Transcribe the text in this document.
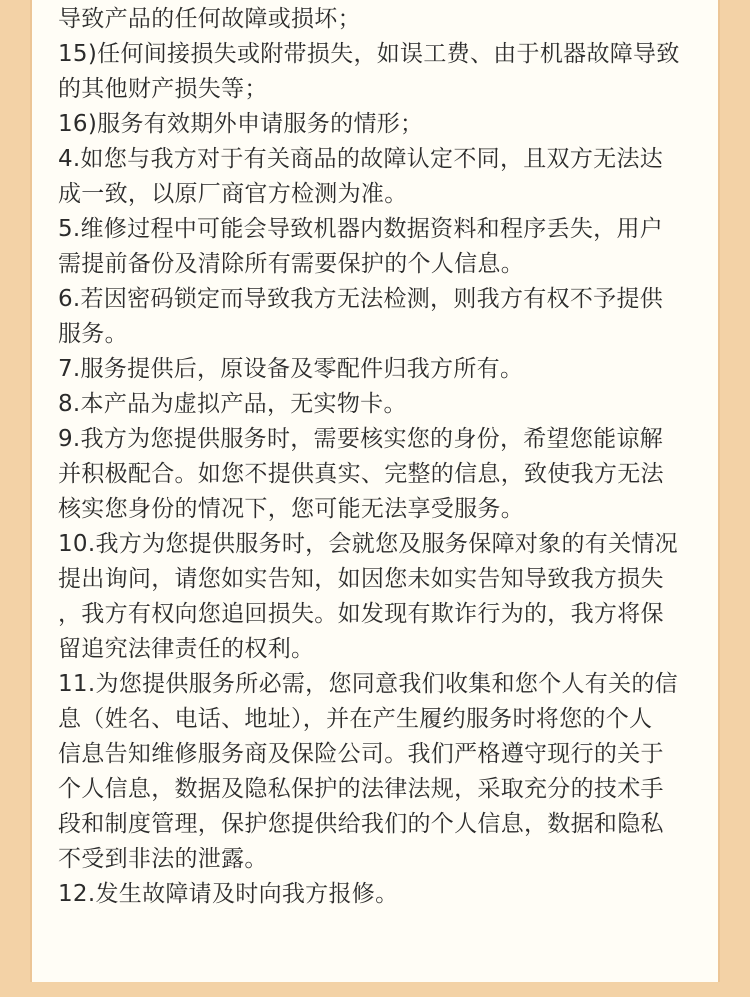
导致产品的任何故障或损坏；
15)任何间接损失或附带损失，如误工费、由于机器故障导致
的其他财产损失等；
16)服务有效期外申请服务的情形；
4.如您与我方对于有关商品的故障认定不同，且双方无法达
成一致，以原厂商官方检测为准。
5.维修过程中可能会导致机器内数据资料和程序丢失，用户
需提前备份及清除所有需要保护的个人信息。
6.若因密码锁定而导致我方无法检测，则我方有权不予提供
服务。
7.服务提供后，原设备及零配件归我方所有。
8.本产品为虚拟产品，无实物卡。
9.我方为您提供服务时，需要核实您的身份，希望您能谅解
并积极配合。如您不提供真实、完整的信息，致使我方无法
核实您身份的情况下，您可能无法享受服务。
10.我方为您提供服务时，会就您及服务保障对象的有关情况
提出询问，请您如实告知，如因您未如实告知导致我方损失
，我方有权向您追回损失。如发现有欺诈行为的，我方将保
留追究法律责任的权利。
11.为您提供服务所必需，您同意我们收集和您个人有关的信
息（姓名、电话、地址），并在产生履约服务时将您的个人
信息告知维修服务商及保险公司。我们严格遵守现行的关于
个人信息，数据及隐私保护的法律法规，采取充分的技术手
段和制度管理，保护您提供给我们的个人信息，数据和隐私
不受到非法的泄露。
12.发生故障请及时向我方报修。
